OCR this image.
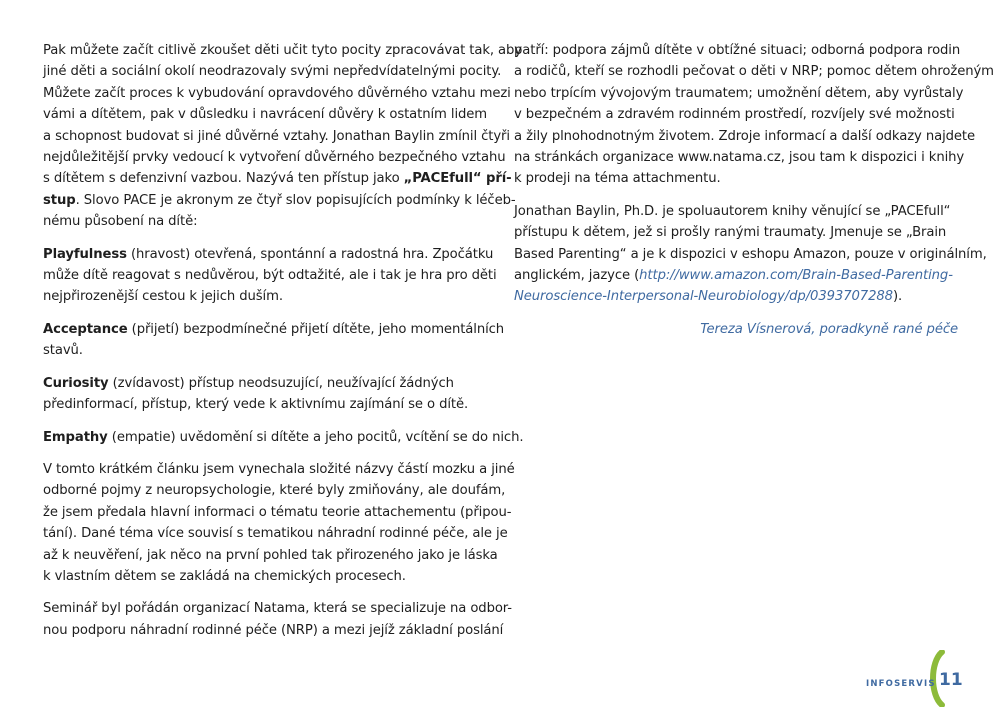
Pak můžete začít citlivě zkoušet děti učit tyto pocity zpracovávat tak, aby
jiné děti a sociální okolí neodrazovaly svými nepředvídatelnými pocity.
Můžete začít proces k vybudování opravdového důvěrného vztahu mezi
vámi a dítětem, pak v důsledku i navrácení důvěry k ostatním lidem
a schopnost budovat si jiné důvěrné vztahy. Jonathan Baylin zmínil čtyři
nejdůležitější prvky vedoucí k vytvoření důvěrného bezpečného vztahu
s dítětem s defenzivní vazbou. Nazývá ten přístup jako „PACEfull“ pří-
stup. Slovo PACE je akronym ze čtyř slov popisujících podmínky k léčeb-
nému působení na dítě:
Playfulness (hravost) otevřená, spontánní a radostná hra. Zpočátku
může dítě reagovat s nedůvěrou, být odtažité, ale i tak je hra pro děti
nejpřirozenější cestou k jejich duším.
Acceptance (přijetí) bezpodmínečné přijetí dítěte, jeho momentálních
stavů.
Curiosity (zvídavost) přístup neodsuzující, neužívající žádných
předinformací, přístup, který vede k aktivnímu zajímání se o dítě.
Empathy (empatie) uvědomění si dítěte a jeho pocitů, vcítění se do nich.
V tomto krátkém článku jsem vynechala složité názvy částí mozku a jiné
odborné pojmy z neuropsychologie, které byly zmiňovány, ale doufám,
že jsem předala hlavní informaci o tématu teorie attachementu (připou-
tání). Dané téma více souvisí s tematikou náhradní rodinné péče, ale je
až k neuvěření, jak něco na první pohled tak přirozeného jako je láska
k vlastním dětem se zakládá na chemických procesech.
Seminář byl pořádán organizací Natama, která se specializuje na odbor-
nou podporu náhradní rodinné péče (NRP) a mezi jejíž základní poslání
patří: podpora zájmů dítěte v obtížné situaci; odborná podpora rodin
a rodičů, kteří se rozhodli pečovat o děti v NRP; pomoc dětem ohroženým
nebo trpícím vývojovým traumatem; umožnění dětem, aby vyrůstaly
v bezpečném a zdravém rodinném prostředí, rozvíjely své možnosti
a žily plnohodnotným životem. Zdroje informací a další odkazy najdete
na stránkách organizace www.natama.cz, jsou tam k dispozici i knihy
k prodeji na téma attachmentu.
Jonathan Baylin, Ph.D. je spoluautorem knihy věnující se „PACEfull“
přístupu k dětem, jež si prošly ranými traumaty. Jmenuje se „Brain
Based Parenting“ a je k dispozici v eshopu Amazon, pouze v originálním,
anglickém, jazyce (http://www.amazon.com/Brain-Based-Parenting-
Neuroscience-Interpersonal-Neurobiology/dp/0393707288).
Tereza Vísnerová, poradkyně rané péče
INFOSERVIS 11
